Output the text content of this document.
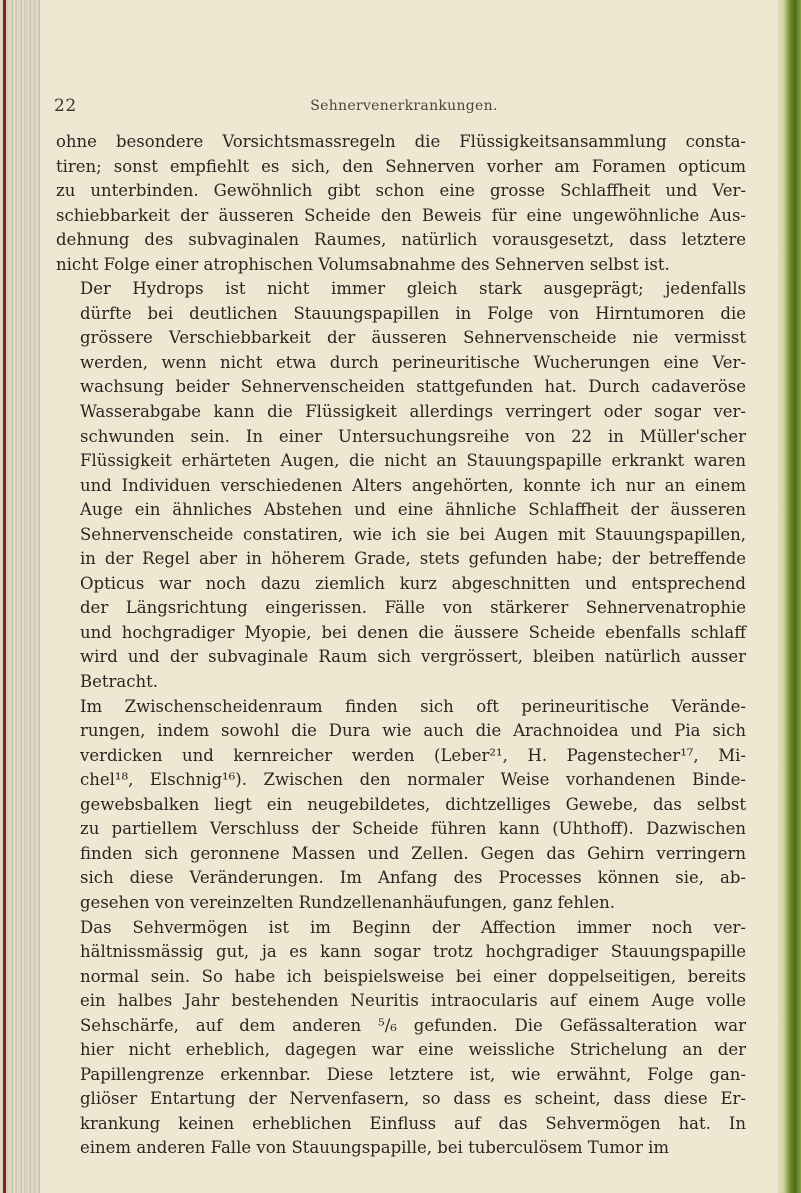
22	Sehnervenerkrankungen.
ohne besondere Vorsichtsmassregeln die Flüssigkeitsansammlung consta-
tiren; sonst empfiehlt es sich, den Sehnerven vorher am Foramen opticum
zu unterbinden. Gewöhnlich gibt schon eine grosse Schlaffheit und Ver-
schiebbarkeit der äusseren Scheide den Beweis für eine ungewöhnliche Aus-
dehnung des subvaginalen Raumes, natürlich vorausgesetzt, dass letztere
nicht Folge einer atrophischen Volumsabnahme des Sehnerven selbst ist.
Der Hydrops ist nicht immer gleich stark ausgeprägt; jedenfalls
dürfte bei deutlichen Stauungspapillen in Folge von Hirntumoren die
grössere Verschiebbarkeit der äusseren Sehnervenscheide nie vermisst
werden, wenn nicht etwa durch perineuritische Wucherungen eine Ver-
wachsung beider Sehnervenscheiden stattgefunden hat. Durch cadaveröse
Wasserabgabe kann die Flüssigkeit allerdings verringert oder sogar ver-
schwunden sein. In einer Untersuchungsreihe von 22 in Müller'scher
Flüssigkeit erhärteten Augen, die nicht an Stauungspapille erkrankt waren
und Individuen verschiedenen Alters angehörten, konnte ich nur an einem
Auge ein ähnliches Abstehen und eine ähnliche Schlaffheit der äusseren
Sehnervenscheide constatiren, wie ich sie bei Augen mit Stauungspapillen,
in der Regel aber in höherem Grade, stets gefunden habe; der betreffende
Opticus war noch dazu ziemlich kurz abgeschnitten und entsprechend
der Längsrichtung eingerissen. Fälle von stärkerer Sehnervenatrophie
und hochgradiger Myopie, bei denen die äussere Scheide ebenfalls schlaff
wird und der subvaginale Raum sich vergrössert, bleiben natürlich ausser
Betracht.
Im Zwischenscheidenraum finden sich oft perineuritische Verände-
rungen, indem sowohl die Dura wie auch die Arachnoidea und Pia sich
verdicken und kernreicher werden (Leber²¹, H. Pagenstecher¹⁷, Mi-
chel¹⁸, Elschnig¹⁶). Zwischen den normaler Weise vorhandenen Binde-
gewebsbalken liegt ein neugebildetes, dichtzelliges Gewebe, das selbst
zu partiellem Verschluss der Scheide führen kann (Uhthoff). Dazwischen
finden sich geronnene Massen und Zellen. Gegen das Gehirn verringern
sich diese Veränderungen. Im Anfang des Processes können sie, ab-
gesehen von vereinzelten Rundzellenanhäufungen, ganz fehlen.
Das Sehvermögen ist im Beginn der Affection immer noch ver-
hältnissmässig gut, ja es kann sogar trotz hochgradiger Stauungspapille
normal sein. So habe ich beispielsweise bei einer doppelseitigen, bereits
ein halbes Jahr bestehenden Neuritis intraocularis auf einem Auge volle
Sehschärfe, auf dem anderen ⁵/₆ gefunden. Die Gefässalteration war
hier nicht erheblich, dagegen war eine weissliche Strichelung an der
Papillengrenze erkennbar. Diese letztere ist, wie erwähnt, Folge gan-
gliöser Entartung der Nervenfasern, so dass es scheint, dass diese Er-
krankung keinen erheblichen Einfluss auf das Sehvermögen hat. In
einem anderen Falle von Stauungspapille, bei tuberculösem Tumor im
